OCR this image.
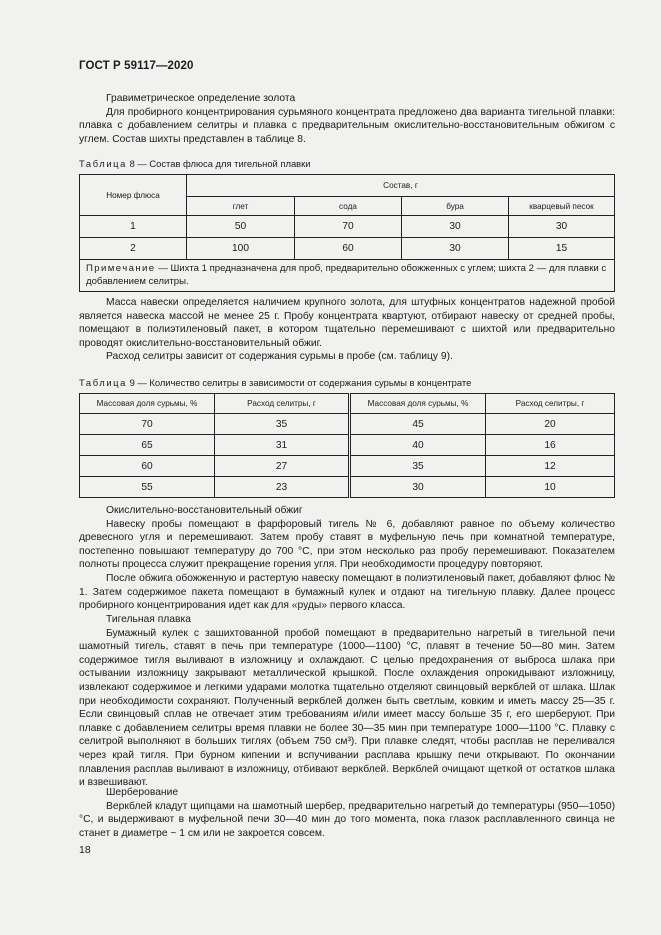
ГОСТ Р 59117—2020

Гравиметрическое определение золота

Для пробирного концентрирования сурьмяного концентрата предложено два варианта тигельной плавки: плавка с добавлением селитры и плавка с предварительным окислительно-восстановительным обжигом с углем. Состав шихты представлен в таблице 8.

Таблица 8 — Состав флюса для тигельной плавки
Номер флюса	Состав, г			
	глет	сода	бура	кварцевый песок
1	50	70	30	30
2	100	60	30	15
Примечание — Шихта 1 предназначена для проб, предварительно обожженных с углем; шихта 2 — для плавки с добавлением селитры.				

Масса навески определяется наличием крупного золота, для штуфных концентратов надежной пробой является навеска массой не менее 25 г. Пробу концентрата квартуют, отбирают навеску от средней пробы, помещают в полиэтиленовый пакет, в котором тщательно перемешивают с шихтой или предварительно проводят окислительно-восстановительный обжиг.

Расход селитры зависит от содержания сурьмы в пробе (см. таблицу 9).

Таблица 9 — Количество селитры в зависимости от содержания сурьмы в концентрате
Массовая доля сурьмы, %	Расход селитры, г	Массовая доля сурьмы, %	Расход селитры, г
70	35	45	20
65	31	40	16
60	27	35	12
55	23	30	10

Окислительно-восстановительный обжиг

Навеску пробы помещают в фарфоровый тигель № 6, добавляют равное по объему количество древесного угля и перемешивают. Затем пробу ставят в муфельную печь при комнатной температуре, постепенно повышают температуру до 700 °С, при этом несколько раз пробу перемешивают. Показателем полноты процесса служит прекращение горения угля. При необходимости процедуру повторяют.

После обжига обожженную и растертую навеску помещают в полиэтиленовый пакет, добавляют флюс № 1. Затем содержимое пакета помещают в бумажный кулек и отдают на тигельную плавку. Далее процесс пробирного концентрирования идет как для «руды» первого класса.

Тигельная плавка

Бумажный кулек с зашихтованной пробой помещают в предварительно нагретый в тигельной печи шамотный тигель, ставят в печь при температуре (1000—1100) °С, плавят в течение 50—80 мин. Затем содержимое тигля выливают в изложницу и охлаждают. С целью предохранения от выброса шлака при остывании изложницу закрывают металлической крышкой. После охлаждения опрокидывают изложницу, извлекают содержимое и легкими ударами молотка тщательно отделяют свинцовый веркблей от шлака. Шлак при необходимости сохраняют. Полученный веркблей должен быть светлым, ковким и иметь массу 25—35 г. Если свинцовый сплав не отвечает этим требованиям и/или имеет массу больше 35 г, его шерберуют. При плавке с добавлением селитры время плавки не более 30—35 мин при температуре 1000—1100 °С. Плавку с селитрой выполняют в больших тиглях (объем 750 см³). При плавке следят, чтобы расплав не переливался через край тигля. При бурном кипении и вспучивании расплава крышку печи открывают. По окончании плавления расплав выливают в изложницу, отбивают веркблей. Веркблей очищают щеткой от остатков шлака и взвешивают.

Шерберование

Веркблей кладут щипцами на шамотный шербер, предварительно нагретый до температуры (950—1050) °С, и выдерживают в муфельной печи 30—40 мин до того момента, пока глазок расплавленного свинца не станет в диаметре ~ 1 см или не закроется совсем.

18
